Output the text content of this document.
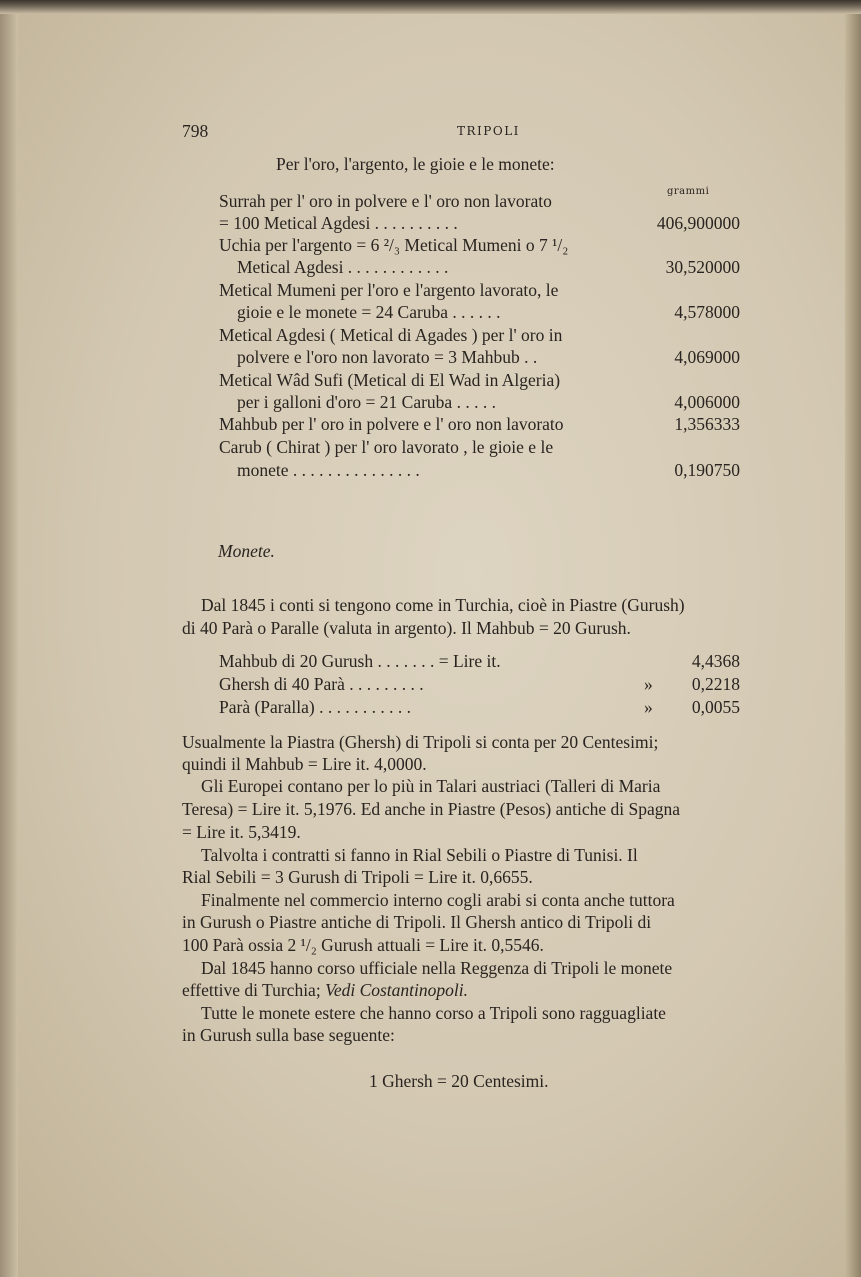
798	TRIPOLI
Per l'oro, l'argento, le gioie e le monete:
grammi
Surrah per l' oro in polvere e l' oro non lavorato
= 100 Metical Agdesi . . . . . . . . . .	406,900000
Uchia per l'argento = 6 ²/₃ Metical Mumeni o 7 ¹/₂
Metical Agdesi . . . . . . . . . . . .	30,520000
Metical Mumeni per l'oro e l'argento lavorato, le
gioie e le monete = 24 Caruba . . . . . .	4,578000
Metical Agdesi ( Metical di Agades ) per l' oro in
polvere e l'oro non lavorato = 3 Mahbub . .	4,069000
Metical Wâd Sufi (Metical di El Wad in Algeria)
per i galloni d'oro = 21 Caruba . . . . .	4,006000
Mahbub per l' oro in polvere e l' oro non lavorato	1,356333
Carub ( Chirat ) per l' oro lavorato , le gioie e le
monete . . . . . . . . . . . . . . .	0,190750
Monete.
Dal 1845 i conti si tengono come in Turchia, cioè in Piastre (Gurush)
di 40 Parà o Paralle (valuta in argento). Il Mahbub = 20 Gurush.
Mahbub di 20 Gurush . . . . . . . = Lire it.	4,4368
Ghersh di 40 Parà . . . . . . . . .	»	0,2218
Parà (Paralla) . . . . . . . . . . .	»	0,0055
Usualmente la Piastra (Ghersh) di Tripoli si conta per 20 Centesimi;
quindi il Mahbub = Lire it. 4,0000.
Gli Europei contano per lo più in Talari austriaci (Talleri di Maria
Teresa) = Lire it. 5,1976. Ed anche in Piastre (Pesos) antiche di Spagna
= Lire it. 5,3419.
Talvolta i contratti si fanno in Rial Sebili o Piastre di Tunisi. Il
Rial Sebili = 3 Gurush di Tripoli = Lire it. 0,6655.
Finalmente nel commercio interno cogli arabi si conta anche tuttora
in Gurush o Piastre antiche di Tripoli. Il Ghersh antico di Tripoli di
100 Parà ossia 2 ¹/₂ Gurush attuali = Lire it. 0,5546.
Dal 1845 hanno corso ufficiale nella Reggenza di Tripoli le monete
effettive di Turchia; Vedi Costantinopoli.
Tutte le monete estere che hanno corso a Tripoli sono ragguagliate
in Gurush sulla base seguente:
1 Ghersh = 20 Centesimi.
